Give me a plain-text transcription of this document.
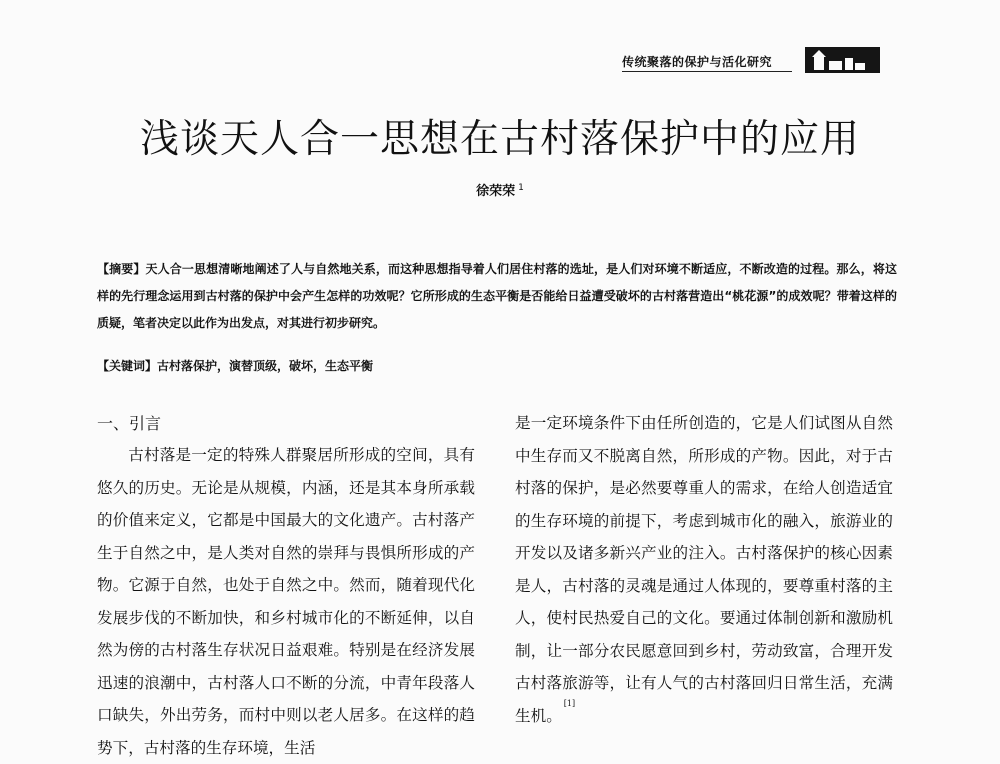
传统聚落的保护与活化研究
浅谈天人合一思想在古村落保护中的应用
徐荣荣 $^1$
【摘要】天人合一思想清晰地阐述了人与自然地关系，而这种思想指导着人们居住村落的选址，是人们对环境不断适应，不断改造的过程。那么，将这样的先行理念运用到古村落的保护中会产生怎样的功效呢？它所形成的生态平衡是否能给日益遭受破坏的古村落营造出“桃花源”的成效呢？带着这样的质疑，笔者决定以此作为出发点，对其进行初步研究。
【关键词】古村落保护，演替顶级，破坏，生态平衡
一、引言
古村落是一定的特殊人群聚居所形成的空间，具有悠久的历史。无论是从规模，内涵，还是其本身所承载的价值来定义，它都是中国最大的文化遗产。古村落产生于自然之中，是人类对自然的崇拜与畏惧所形成的产物。它源于自然，也处于自然之中。然而，随着现代化发展步伐的不断加快，和乡村城市化的不断延伸，以自然为傍的古村落生存状况日益艰难。特别是在经济发展迅速的浪潮中，古村落人口不断的分流，中青年段落人口缺失，外出劳务，而村中则以老人居多。在这样的趋势下，古村落的生存环境，生活
是一定环境条件下由任所创造的，它是人们试图从自然中生存而又不脱离自然，所形成的产物。因此，对于古村落的保护，是必然要尊重人的需求，在给人创造适宜的生存环境的前提下，考虑到城市化的融入，旅游业的开发以及诸多新兴产业的注入。古村落保护的核心因素是人，古村落的灵魂是通过人体现的，要尊重村落的主人，使村民热爱自己的文化。要通过体制创新和激励机制，让一部分农民愿意回到乡村，劳动致富，合理开发古村落旅游等，让有人气的古村落回归日常生活，充满生机。[1]
